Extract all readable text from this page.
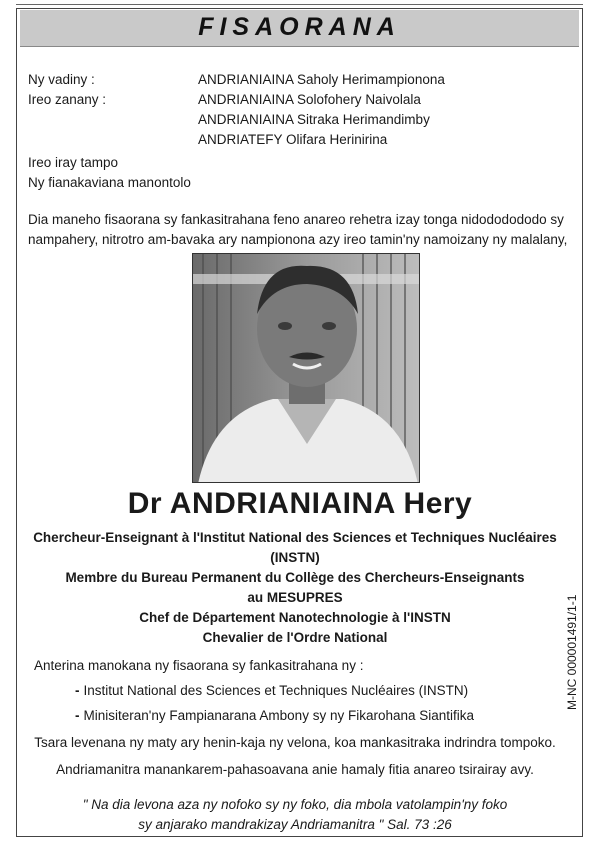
FISAORANA
Ny vadiny :	ANDRIANIAINA Saholy Herimampionona
Ireo zanany :	ANDRIANIAINA Solofohery Naivolala
ANDRIANIAINA Sitraka Herimandimby
ANDRIATEFY Olifara Herinirina
Ireo iray tampo
Ny fianakaviana manontolo
Dia maneho fisaorana sy fankasitrahana feno anareo rehetra izay tonga nidododododo sy
nampahery, nitrotro am-bavaka ary nampionona azy ireo tamin'ny namoizany ny malalany,
Dr ANDRIANIAINA Hery
Chercheur-Enseignant à l'Institut National des Sciences et Techniques Nucléaires
(INSTN)
Membre du Bureau Permanent du Collège des Chercheurs-Enseignants
au MESUPRES
Chef de Département Nanotechnologie à l'INSTN
Chevalier de l'Ordre National
Anterina manokana ny fisaorana sy fankasitrahana ny :
- Institut National des Sciences et Techniques Nucléaires (INSTN)
- Minisiteran'ny Fampianarana Ambony sy ny Fikarohana Siantifika
Tsara levenana ny maty ary henin-kaja ny velona, koa mankasitraka indrindra tompoko.
Andriamanitra manankarem-pahasoavana anie hamaly fitia anareo tsirairay avy.
" Na dia levona aza ny nofoko sy ny foko, dia mbola vatolampin'ny foko
sy anjarako mandrakizay Andriamanitra " Sal. 73 :26
M-NC 000001491/1-1
